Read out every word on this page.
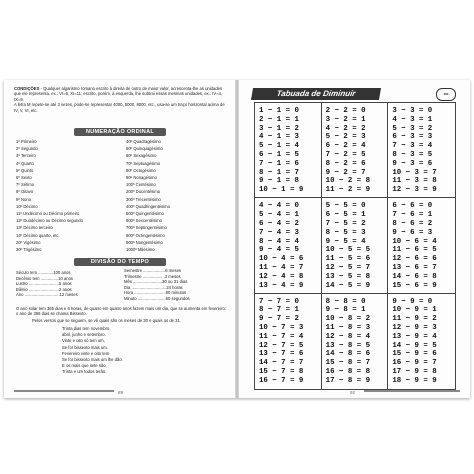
CONDIÇÕES - Qualquer algarismo romano escrito à direita de outro de maior valor, acrescenta-lhe as unidades que ele representa, ex.: VI=6, XI=11; escrito, porém, à esquerda, lhe subtrai essas mesmas unidades, ex.: IV=4, IX=9.
A letra M repete-se até 3 vezes, pode-se representar 4000, 5000, 8000, etc., usa-se um traço horizontal acima de IV, V, VI, etc.
NUMERAÇÃO ORDINAL
1º Primeiro
2º Segundo
3º Terceiro
4º Quarto
5º Quinto
6º Sexto
7º Sétimo
8º Oitavo
9º Nono
10º Décimo
11º Undécimo ou Décimo primeiro
12º Duodécimo ou Décimo segundo
13º Décimo terceiro
14º Décimo quarto, etc.
20º Vigésimo
30º Trigésimo
40º Quadragésimo
50º Quinquagésimo
60º Sexagésimo
70º Septuagésimo
80º Octogésimo
90º Nonagésimo
100º Centésimo
200º Ducentésimo
300º Trecentésimo
400º Quadringentésimo
500º Quingentésimo
600º Sexcentésimo
700º Septingentésimo
800º Octingentésimo
900º Nongentésimo
1000º Milésimo
DIVISÃO DO TEMPO
Século tem .............100 anos
Decênio tem ...............10 anos
Lustro ..........................5 anos
Biênio ..........................2 anos
Ano ..............................12 meses
Semestre ...................6 meses
Trimestre ...................3 meses
Mês .........................30 ou 31 dias
Dia ..............................24 horas
Hora ...........................60 minutos
Minuto ........................60 segundos
O ano solar tem 365 dias e 6 horas, de quatro em quatro anos fazem mais um dia, que se aumenta em fevereiro: o ano de 366 dias se chama Bissexto.
Pelos versos que se seguem, se vê quais são os meses de 30 e quais os de 31.
Trinta dias tem novembro,
abril, junho e setembro.
Vinte e oito só tem um,
Se for bissexto mais um.
Fevereiro vinte e oito tem
Se for bissexto mais um lhe dão.
E os mais que sete são,
Trinta e um todos terão.
89
Tabuada de Diminuir	−
1 − 1 = 0
2 − 1 = 1
3 − 1 = 2
4 − 1 = 3
5 − 1 = 4
6 − 1 = 5
7 − 1 = 6
8 − 1 = 7
9 − 1 = 8
10 − 1 = 9
2 − 2 = 0
3 − 2 = 1
4 − 2 = 2
5 − 2 = 3
6 − 2 = 4
7 − 2 = 5
8 − 2 = 6
9 − 2 = 7
10 − 2 = 8
11 − 2 = 9
3 − 3 = 0
4 − 3 = 1
5 − 3 = 2
6 − 3 = 3
7 − 3 = 4
8 − 3 = 5
9 − 3 = 6
10 − 3 = 7
11 − 3 = 8
12 − 3 = 9
4 − 4 = 0
5 − 4 = 1
6 − 4 = 2
7 − 4 = 3
8 − 4 = 4
9 − 4 = 5
10 − 4 = 6
11 − 4 = 7
12 − 4 = 8
13 − 4 = 9
5 − 5 = 0
6 − 5 = 1
7 − 5 = 2
8 − 5 = 3
9 − 5 = 4
10 − 5 = 5
11 − 5 = 6
12 − 5 = 7
13 − 5 = 8
14 − 5 = 9
6 − 6 = 0
7 − 6 = 1
8 − 6 = 2
9 − 6 = 3
10 − 6 = 4
11 − 6 = 5
12 − 6 = 6
13 − 6 = 7
14 − 6 = 8
15 − 6 = 9
7 − 7 = 0
8 − 7 = 1
9 − 7 = 2
10 − 7 = 3
11 − 7 = 4
12 − 7 = 5
13 − 7 = 6
14 − 7 = 7
15 − 7 = 8
16 − 7 = 9
8 − 8 = 0
9 − 8 = 1
10 − 8 = 2
11 − 8 = 3
12 − 8 = 4
13 − 8 = 5
14 − 8 = 6
15 − 8 = 7
16 − 8 = 8
17 − 8 = 9
9 − 9 = 0
10 − 9 = 1
11 − 9 = 2
12 − 9 = 3
13 − 9 = 4
14 − 9 = 5
15 − 9 = 6
16 − 9 = 7
17 − 9 = 8
18 − 9 = 9
92
